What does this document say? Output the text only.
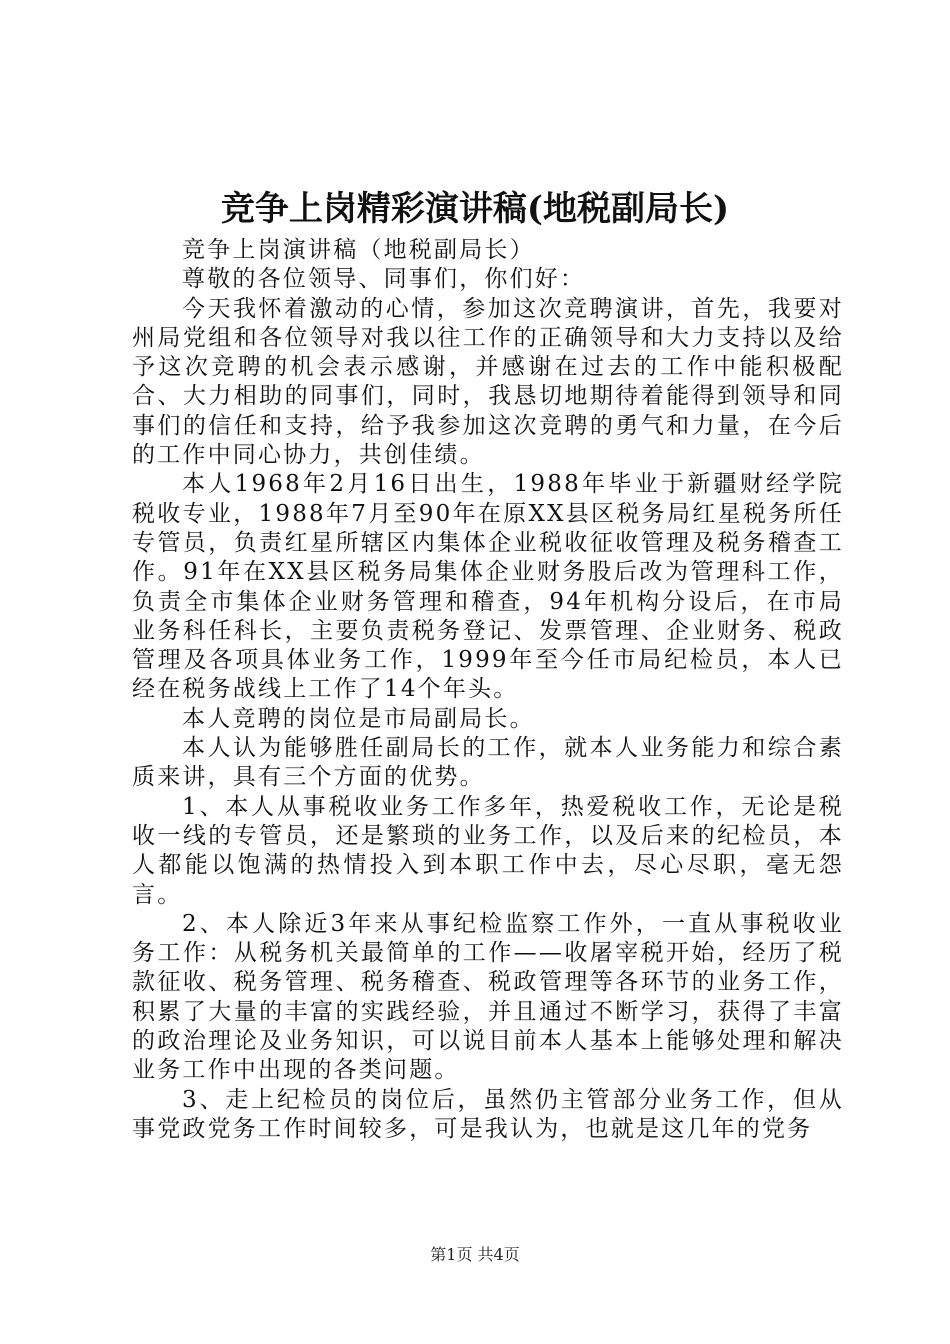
竞争上岗精彩演讲稿(地税副局长)

竞争上岗演讲稿（地税副局长）

尊敬的各位领导、同事们，你们好：

今天我怀着激动的心情，参加这次竞聘演讲，首先，我要对州局党组和各位领导对我以往工作的正确领导和大力支持以及给予这次竞聘的机会表示感谢，并感谢在过去的工作中能积极配合、大力相助的同事们，同时，我恳切地期待着能得到领导和同事们的信任和支持，给予我参加这次竞聘的勇气和力量，在今后的工作中同心协力，共创佳绩。

本人1968年2月16日出生，1988年毕业于新疆财经学院税收专业，1988年7月至90年在原XX县区税务局红星税务所任专管员，负责红星所辖区内集体企业税收征收管理及税务稽查工作。91年在XX县区税务局集体企业财务股后改为管理科工作，负责全市集体企业财务管理和稽查，94年机构分设后，在市局业务科任科长，主要负责税务登记、发票管理、企业财务、税政管理及各项具体业务工作，1999年至今任市局纪检员，本人已经在税务战线上工作了14个年头。

本人竞聘的岗位是市局副局长。

本人认为能够胜任副局长的工作，就本人业务能力和综合素质来讲，具有三个方面的优势。

1、本人从事税收业务工作多年，热爱税收工作，无论是税收一线的专管员，还是繁琐的业务工作，以及后来的纪检员，本人都能以饱满的热情投入到本职工作中去，尽心尽职，毫无怨言。

2、本人除近3年来从事纪检监察工作外，一直从事税收业务工作：从税务机关最简单的工作——收屠宰税开始，经历了税款征收、税务管理、税务稽查、税政管理等各环节的业务工作，积累了大量的丰富的实践经验，并且通过不断学习，获得了丰富的政治理论及业务知识，可以说目前本人基本上能够处理和解决业务工作中出现的各类问题。

3、走上纪检员的岗位后，虽然仍主管部分业务工作，但从事党政党务工作时间较多，可是我认为，也就是这几年的党务

第1页 共4页
